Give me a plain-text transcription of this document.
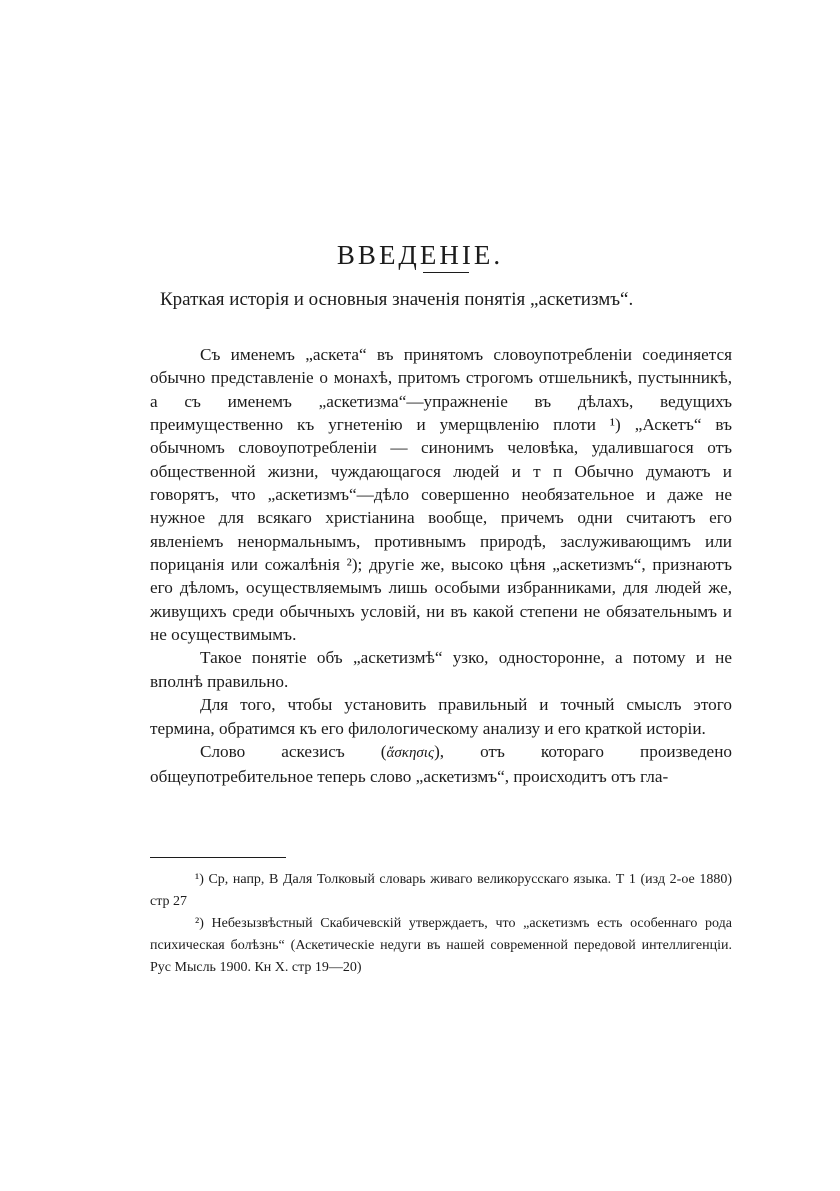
ВВЕДЕНIЕ.
Краткая исторiя и основныя значенiя понятiя „аскетизмъ“.

Съ именемъ „аскета“ въ принятомъ словоупотребленiи соединяется обычно представленiе о монахѣ, притомъ строгомъ отшельникѣ, пустынникѣ, а съ именемъ „аскетизма“—упражненiе въ дѣлахъ, ведущихъ преимущественно къ угнетенiю и умерщвленiю плоти ¹) „Аскетъ“ въ обычномъ словоупотребленiи — синонимъ человѣка, удалившагося отъ общественной жизни, чуждающагося людей и т п Обычно думаютъ и говорятъ, что „аскетизмъ“—дѣло совершенно необязательное и даже не нужное для всякаго христiанина вообще, причемъ одни считаютъ его явленiемъ ненормальнымъ, противнымъ природѣ, заслуживающимъ или порицанiя или сожалѣнiя ²); другiе же, высоко цѣня „аскетизмъ“, признаютъ его дѣломъ, осуществляемымъ лишь особыми избранниками, для людей же, живущихъ среди обычныхъ условiй, ни въ какой степени не обязательнымъ и не осуществимымъ.

Такое понятiе объ „аскетизмѣ“ узко, одностороннe, а потому и не вполнѣ правильно.

Для того, чтобы установить правильный и точный смыслъ этого термина, обратимся къ его филологическому анализу и его краткой исторiи.

Слово аскезисъ (ἄσκησις), отъ котораго произведено общеупотребительное теперь слово „аскетизмъ“, происходитъ отъ гла-

¹) Ср, напр, В Даля Толковый словарь живаго великорусскаго языка. Т 1 (изд 2-ое 1880) стр 27

²) Небезызвѣстный Скабичевскiй утверждаетъ, что „аскетизмъ есть особеннаго рода психическая болѣзнь“ (Аскетическiе недуги въ нашей современной передовой интеллигенцiи. Рус Мысль 1900. Кн X. стр 19—20)
